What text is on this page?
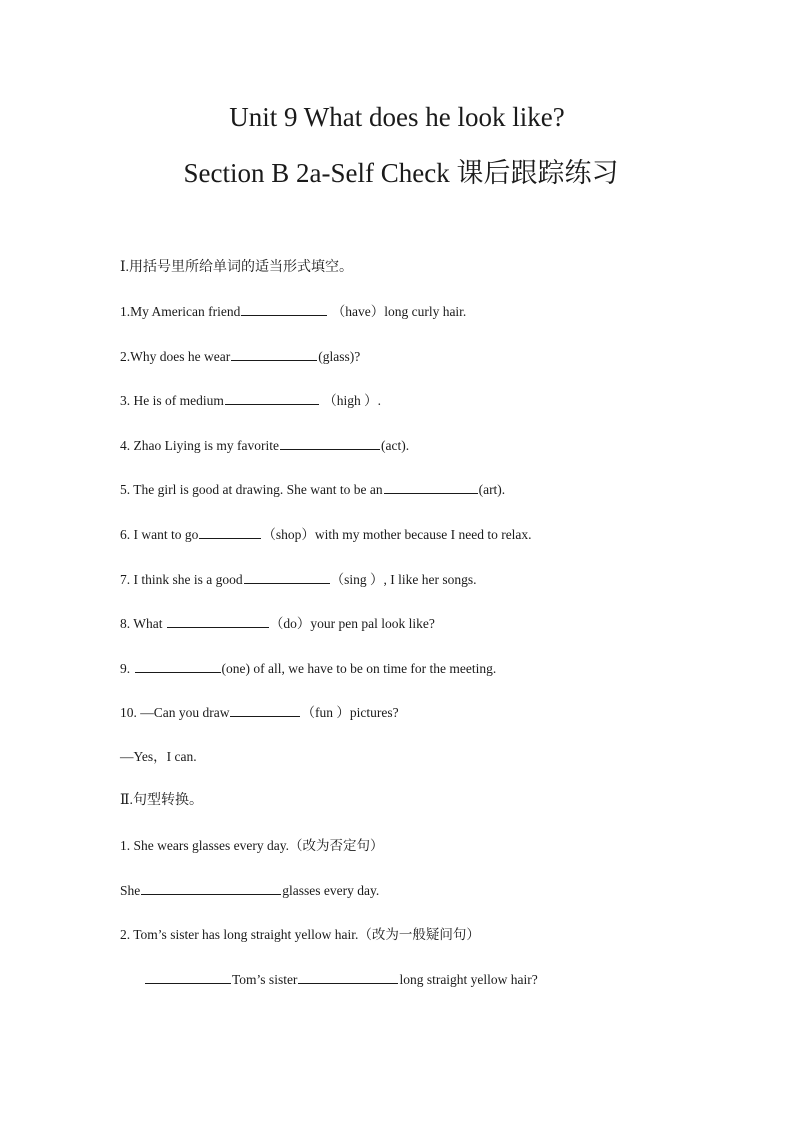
Unit 9 What does he look like?
Section B 2a-Self Check 课后跟踪练习
Ⅰ.用括号里所给单词的适当形式填空。
1.My American friend	（have）long curly hair.
2.Why does he wear	(glass)?
3. He is of medium	（high ）.
4. Zhao Liying is my favorite	(act).
5. The girl is good at drawing. She want to be an	(art).
6. I want to go	（shop）with my mother because I need to relax.
7. I think she is a good	（sing ）, I like her songs.
8. What	（do）your pen pal look like?
9.	(one) of all, we have to be on time for the meeting.
10. —Can you draw	（fun ）pictures?
—Yes，I can.
Ⅱ.句型转换。
1. She wears glasses every day.（改为否定句）
She	glasses every day.
2. Tom’s sister has long straight yellow hair.（改为一般疑问句）
Tom’s sister	long straight yellow hair?
